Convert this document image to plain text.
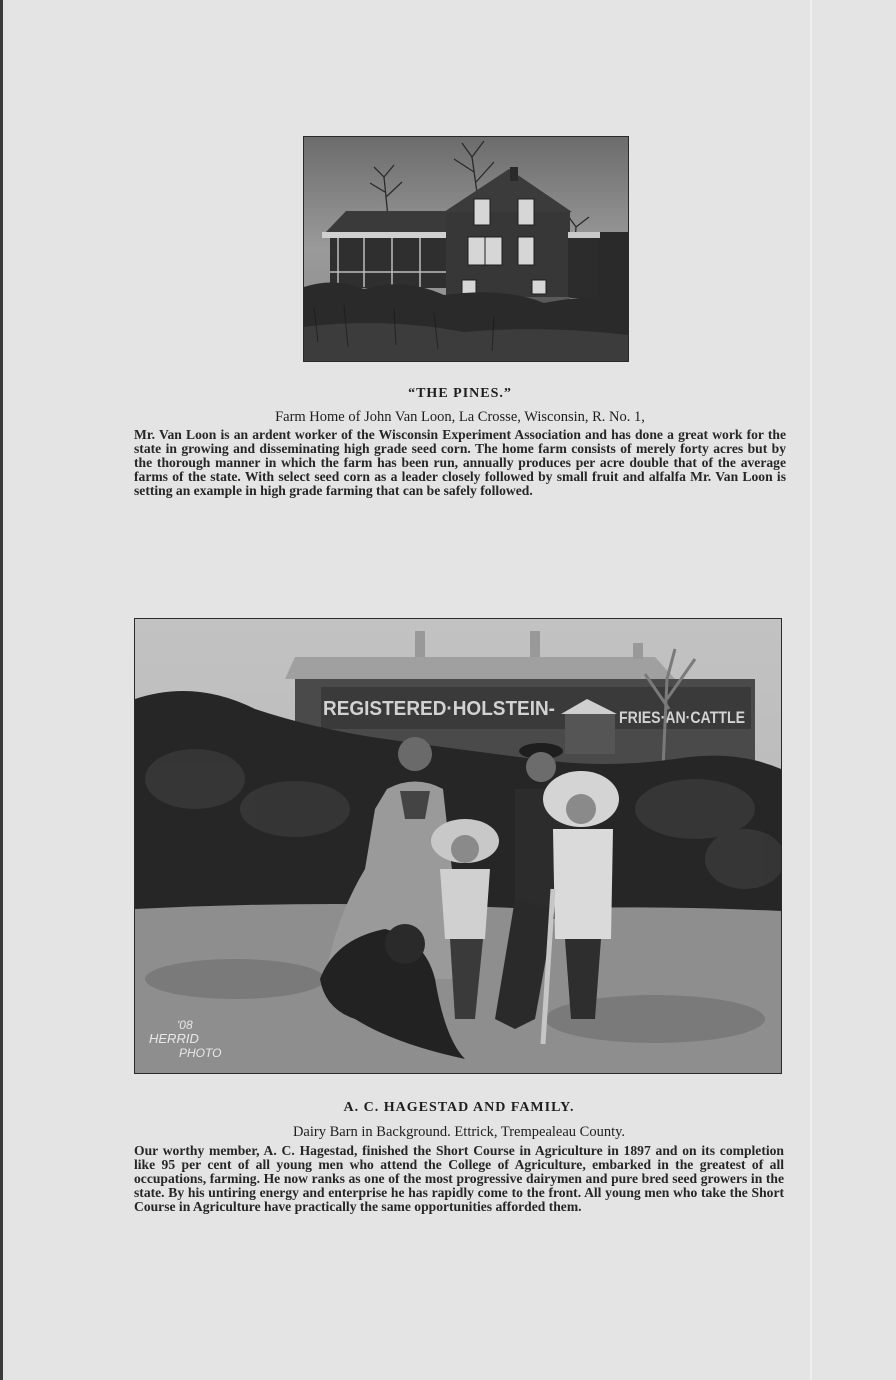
“THE PINES.”

Farm Home of John Van Loon, La Crosse, Wisconsin, R. No. 1,

Mr. Van Loon is an ardent worker of the Wisconsin Experiment Association and has done a great work for the state in growing and disseminating high grade seed corn. The home farm consists of merely forty acres but by the thorough manner in which the farm has been run, annually produces per acre double that of the average farms of the state. With select seed corn as a leader closely followed by small fruit and alfalfa Mr. Van Loon is setting an example in high grade farming that can be safely followed.

REGISTERED·HOLSTEIN-	FRIES·AN·CATTLE
'08
HERRID
PHOTO

A. C. HAGESTAD AND FAMILY.

Dairy Barn in Background. Ettrick, Trempealeau County.

Our worthy member, A. C. Hagestad, finished the Short Course in Agriculture in 1897 and on its completion like 95 per cent of all young men who attend the College of Agriculture, embarked in the greatest of all occupations, farming. He now ranks as one of the most progressive dairymen and pure bred seed growers in the state. By his untiring energy and enterprise he has rapidly come to the front. All young men who take the Short Course in Agriculture have practically the same opportunities afforded them.
